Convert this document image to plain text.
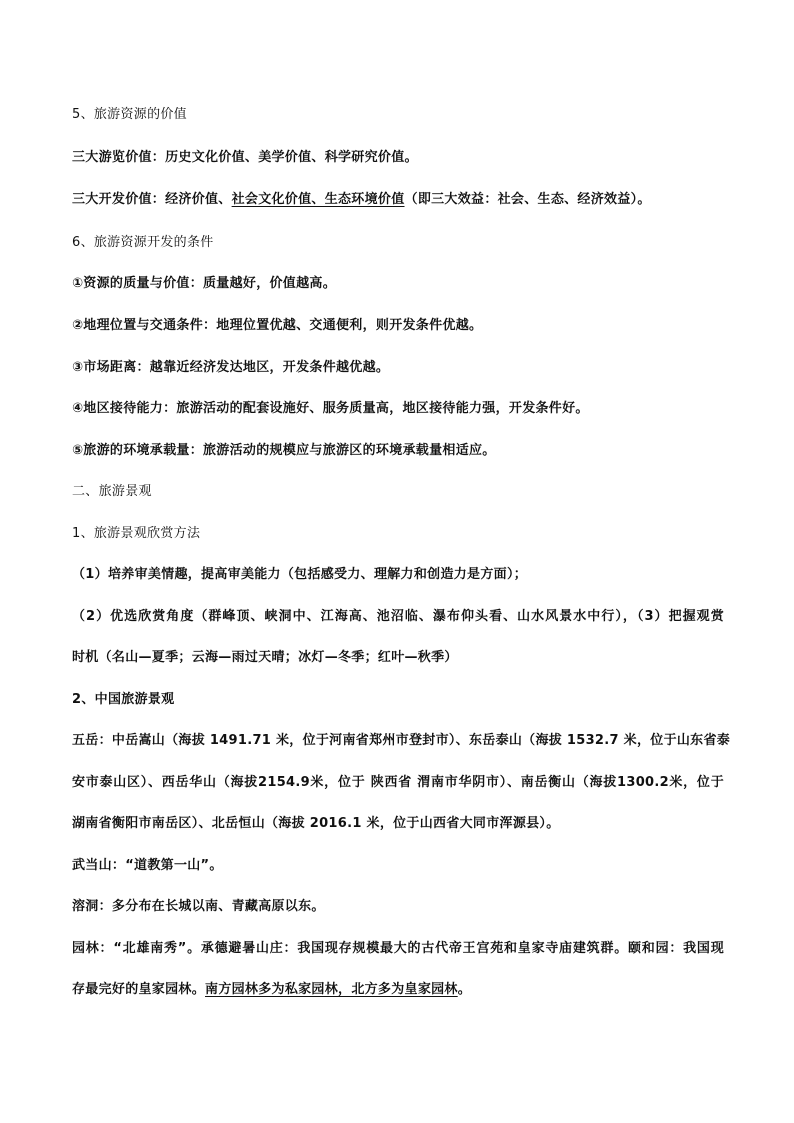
5、旅游资源的价值
三大游览价值：历史文化价值、美学价值、科学研究价值。
三大开发价值：经济价值、社会文化价值、生态环境价值（即三大效益：社会、生态、经济效益）。
6、旅游资源开发的条件
①资源的质量与价值：质量越好，价值越高。
②地理位置与交通条件：地理位置优越、交通便利，则开发条件优越。
③市场距离：越靠近经济发达地区，开发条件越优越。
④地区接待能力：旅游活动的配套设施好、服务质量高，地区接待能力强，开发条件好。
⑤旅游的环境承载量：旅游活动的规模应与旅游区的环境承载量相适应。
二、旅游景观
1、旅游景观欣赏方法
（1）培养审美情趣，提高审美能力（包括感受力、理解力和创造力是方面）；
（2）优选欣赏角度（群峰顶、峡洞中、江海高、池沼临、瀑布仰头看、山水风景水中行），（3）把握观赏
时机（名山—夏季；云海—雨过天晴；冰灯—冬季；红叶—秋季）
2、中国旅游景观
五岳：中岳嵩山（海拔 1491.71 米，位于河南省郑州市登封市）、东岳泰山（海拔 1532.7 米，位于山东省泰
安市泰山区）、西岳华山（海拔2154.9米，位于 陕西省 渭南市华阴市）、南岳衡山（海拔1300.2米，位于
湖南省衡阳市南岳区）、北岳恒山（海拔 2016.1 米，位于山西省大同市浑源县）。
武当山：“道教第一山”。
溶洞：多分布在长城以南、青藏高原以东。
园林：“北雄南秀”。承德避暑山庄：我国现存规模最大的古代帝王宫苑和皇家寺庙建筑群。颐和园：我国现
存最完好的皇家园林。南方园林多为私家园林，北方多为皇家园林。
